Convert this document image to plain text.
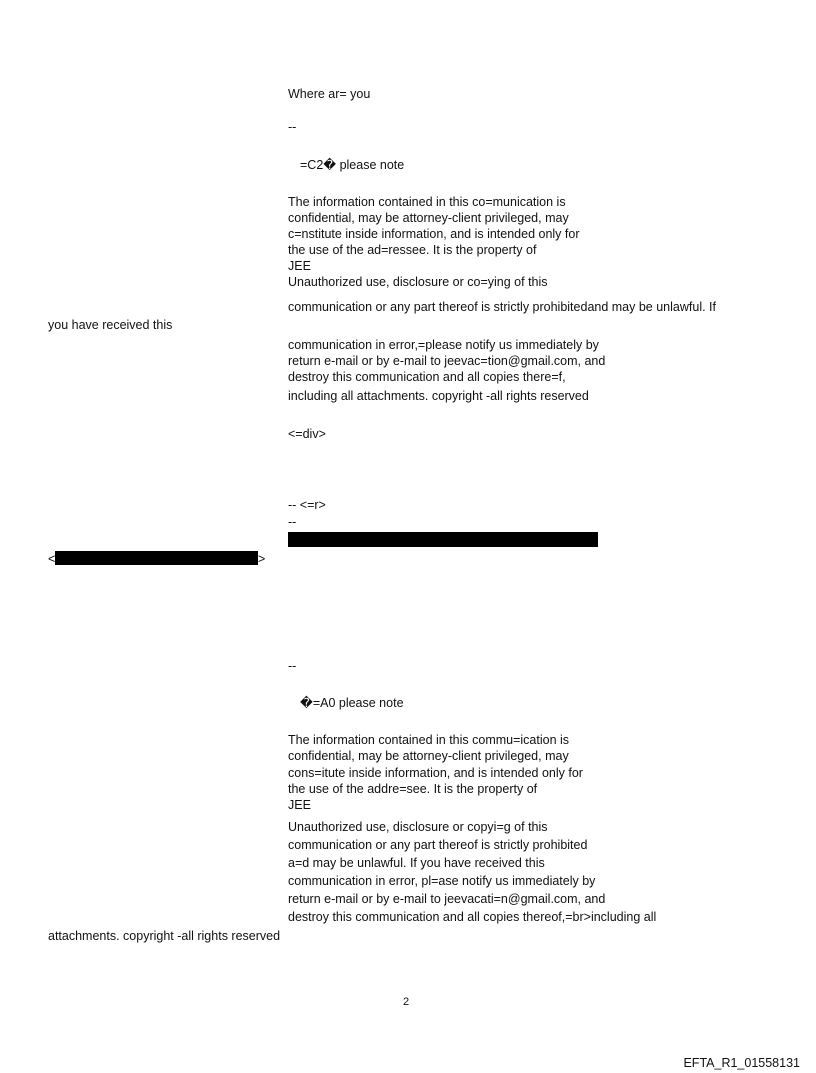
Where ar= you
--
=C2� please note
The information contained in this co=munication is
confidential, may be attorney-client privileged, may
c=nstitute inside information, and is intended only for
the use of the ad=ressee. It is the property of
JEE
Unauthorized use, disclosure or co=ying of this
communication or any part thereof is strictly prohibitedand may be unlawful. If
you have received this
communication in error,=please notify us immediately by
return e-mail or by e-mail to jeevac=tion@gmail.com, and
destroy this communication and all copies there=f,
including all attachments. copyright -all rights reserved
<=div>
-- <=r>
--
<	>
--
�=A0 please note
The information contained in this commu=ication is
confidential, may be attorney-client privileged, may
cons=itute inside information, and is intended only for
the use of the addre=see. It is the property of
JEE
Unauthorized use, disclosure or copyi=g of this
communication or any part thereof is strictly prohibited
a=d may be unlawful. If you have received this
communication in error, pl=ase notify us immediately by
return e-mail or by e-mail to jeevacati=n@gmail.com, and
destroy this communication and all copies thereof,=br>including all
attachments. copyright -all rights reserved
2
EFTA_R1_01558131
